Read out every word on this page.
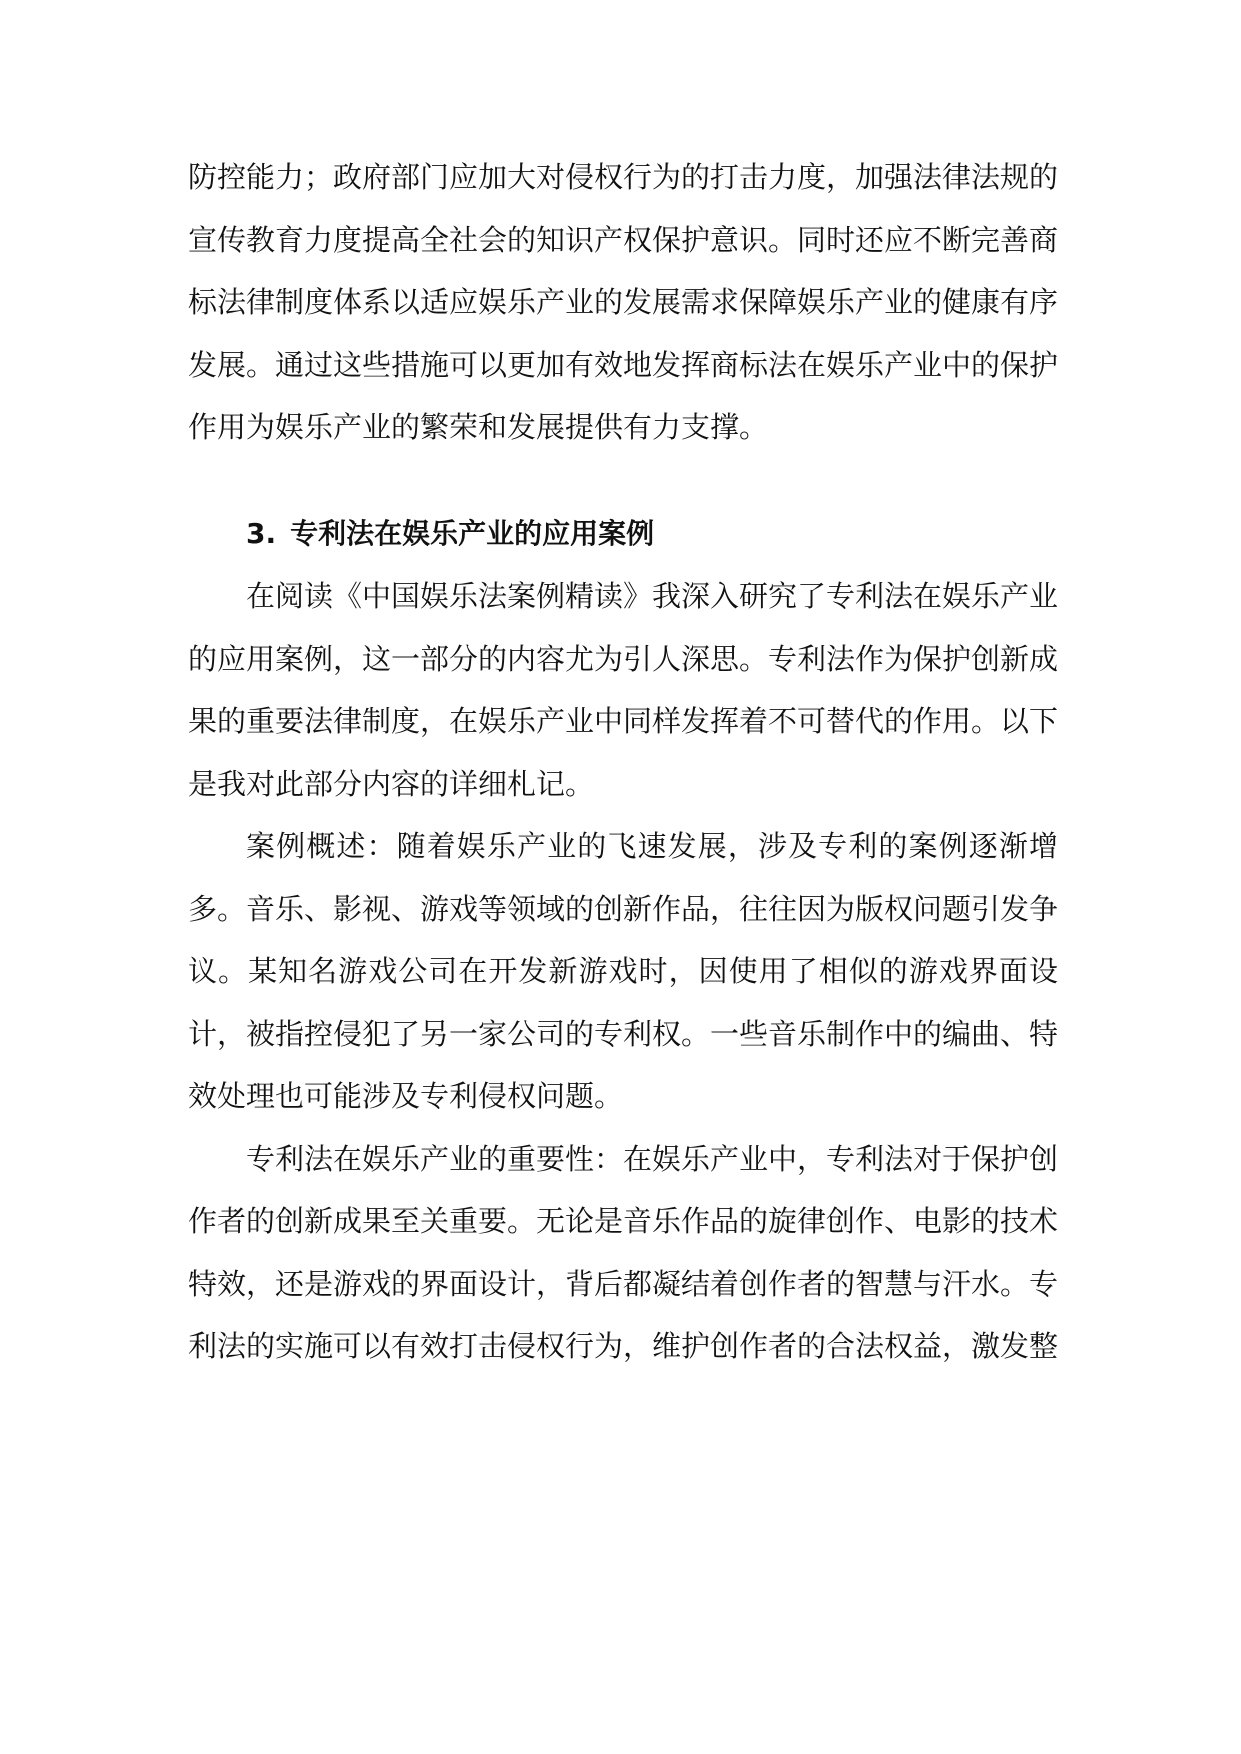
防控能力；政府部门应加大对侵权行为的打击力度，加强法律法规的宣传教育力度提高全社会的知识产权保护意识。同时还应不断完善商标法律制度体系以适应娱乐产业的发展需求保障娱乐产业的健康有序发展。通过这些措施可以更加有效地发挥商标法在娱乐产业中的保护作用为娱乐产业的繁荣和发展提供有力支撑。

3. 专利法在娱乐产业的应用案例

在阅读《中国娱乐法案例精读》我深入研究了专利法在娱乐产业的应用案例，这一部分的内容尤为引人深思。专利法作为保护创新成果的重要法律制度，在娱乐产业中同样发挥着不可替代的作用。以下是我对此部分内容的详细札记。

案例概述：随着娱乐产业的飞速发展，涉及专利的案例逐渐增多。音乐、影视、游戏等领域的创新作品，往往因为版权问题引发争议。某知名游戏公司在开发新游戏时，因使用了相似的游戏界面设计，被指控侵犯了另一家公司的专利权。一些音乐制作中的编曲、特效处理也可能涉及专利侵权问题。

专利法在娱乐产业的重要性：在娱乐产业中，专利法对于保护创作者的创新成果至关重要。无论是音乐作品的旋律创作、电影的技术特效，还是游戏的界面设计，背后都凝结着创作者的智慧与汗水。专利法的实施可以有效打击侵权行为，维护创作者的合法权益，激发整
